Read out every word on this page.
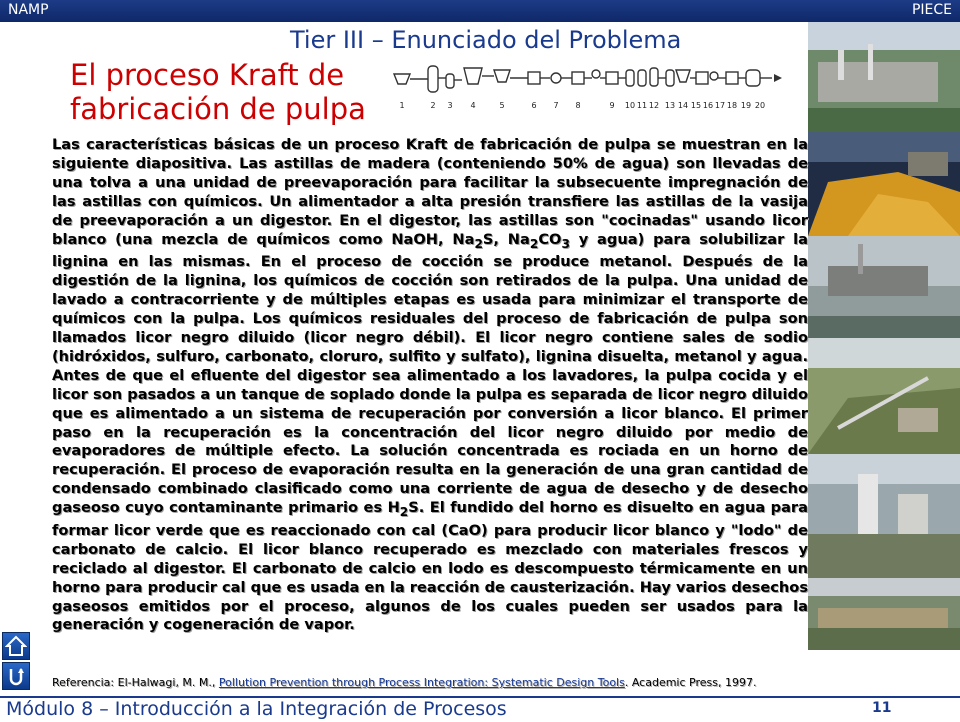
NAMP	PIECE
Tier III – Enunciado del Problema
El proceso Kraft de fabricación de pulpa	1	2 3 4	5	6 7 8	9 10 11 12 13 14 15 16 17 18 19 20

Las características básicas de un proceso Kraft de fabricación de pulpa se muestran en la siguiente diapositiva. Las astillas de madera (conteniendo 50% de agua) son llevadas de una tolva a una unidad de preevaporación para facilitar la subsecuente impregnación de las astillas con químicos. Un alimentador a alta presión transfiere las astillas de la vasija de preevaporación a un digestor. En el digestor, las astillas son "cocinadas" usando licor blanco (una mezcla de químicos como NaOH, $Na_2S$, $Na_2CO_3$ y agua) para solubilizar la lignina en las mismas. En el proceso de cocción se produce metanol. Después de la digestión de la lignina, los químicos de cocción son retirados de la pulpa. Una unidad de lavado a contracorriente y de múltiples etapas es usada para minimizar el transporte de químicos con la pulpa. Los químicos residuales del proceso de fabricación de pulpa son llamados licor negro diluido (licor negro débil). El licor negro contiene sales de sodio (hidróxidos, sulfuro, carbonato, cloruro, sulfito y sulfato), lignina disuelta, metanol y agua. Antes de que el efluente del digestor sea alimentado a los lavadores, la pulpa cocida y el licor son pasados a un tanque de soplado donde la pulpa es separada de licor negro diluido que es alimentado a un sistema de recuperación por conversión a licor blanco. El primer paso en la recuperación es la concentración del licor negro diluido por medio de evaporadores de múltiple efecto. La solución concentrada es rociada en un horno de recuperación. El proceso de evaporación resulta en la generación de una gran cantidad de condensado combinado clasificado como una corriente de agua de desecho y de desecho gaseoso cuyo contaminante primario es $H_2S$. El fundido del horno es disuelto en agua para formar licor verde que es reaccionado con cal (CaO) para producir licor blanco y "lodo" de carbonato de calcio. El licor blanco recuperado es mezclado con materiales frescos y reciclado al digestor. El carbonato de calcio en lodo es descompuesto térmicamente en un horno para producir cal que es usada en la reacción de causterización. Hay varios desechos gaseosos emitidos por el proceso, algunos de los cuales pueden ser usados para la generación y cogeneración de vapor.

Referencia: El-Halwagi, M. M., Pollution Prevention through Process Integration: Systematic Design Tools. Academic Press, 1997.
Módulo 8 – Introducción a la Integración de Procesos	11
